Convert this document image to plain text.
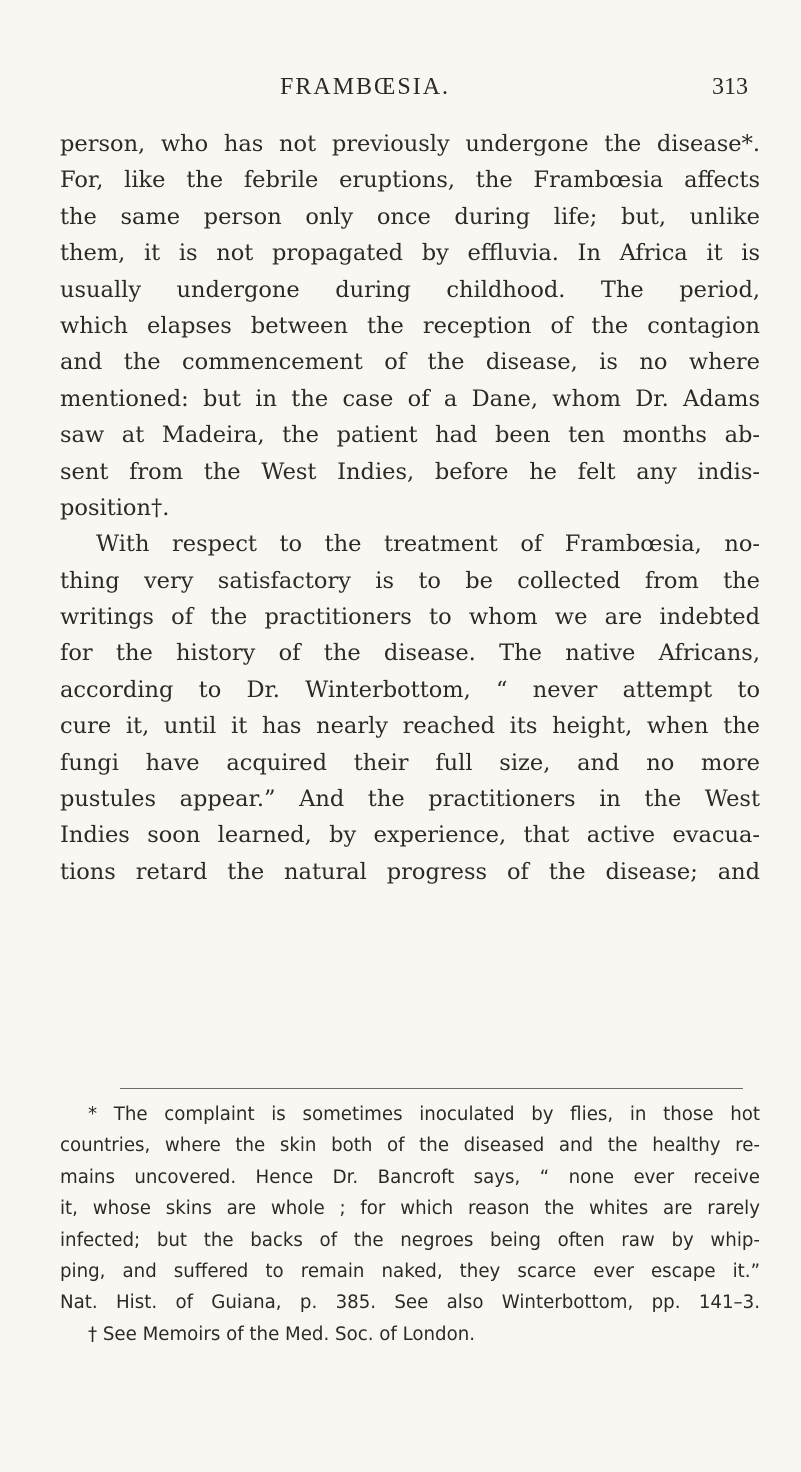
FRAMBŒSIA.	313
person, who has not previously undergone the disease*.
For, like the febrile eruptions, the Frambœsia affects
the same person only once during life; but, unlike
them, it is not propagated by effluvia. In Africa it is
usually undergone during childhood. The period,
which elapses between the reception of the contagion
and the commencement of the disease, is no where
mentioned: but in the case of a Dane, whom Dr. Adams
saw at Madeira, the patient had been ten months ab-
sent from the West Indies, before he felt any indis-
position†.
With respect to the treatment of Frambœsia, no-
thing very satisfactory is to be collected from the
writings of the practitioners to whom we are indebted
for the history of the disease. The native Africans,
according to Dr. Winterbottom, “ never attempt to
cure it, until it has nearly reached its height, when the
fungi have acquired their full size, and no more
pustules appear.” And the practitioners in the West
Indies soon learned, by experience, that active evacua-
tions retard the natural progress of the disease; and
* The complaint is sometimes inoculated by flies, in those hot
countries, where the skin both of the diseased and the healthy re-
mains uncovered. Hence Dr. Bancroft says, “ none ever receive
it, whose skins are whole ; for which reason the whites are rarely
infected; but the backs of the negroes being often raw by whip-
ping, and suffered to remain naked, they scarce ever escape it.”
Nat. Hist. of Guiana, p. 385. See also Winterbottom, pp. 141–3.
† See Memoirs of the Med. Soc. of London.
